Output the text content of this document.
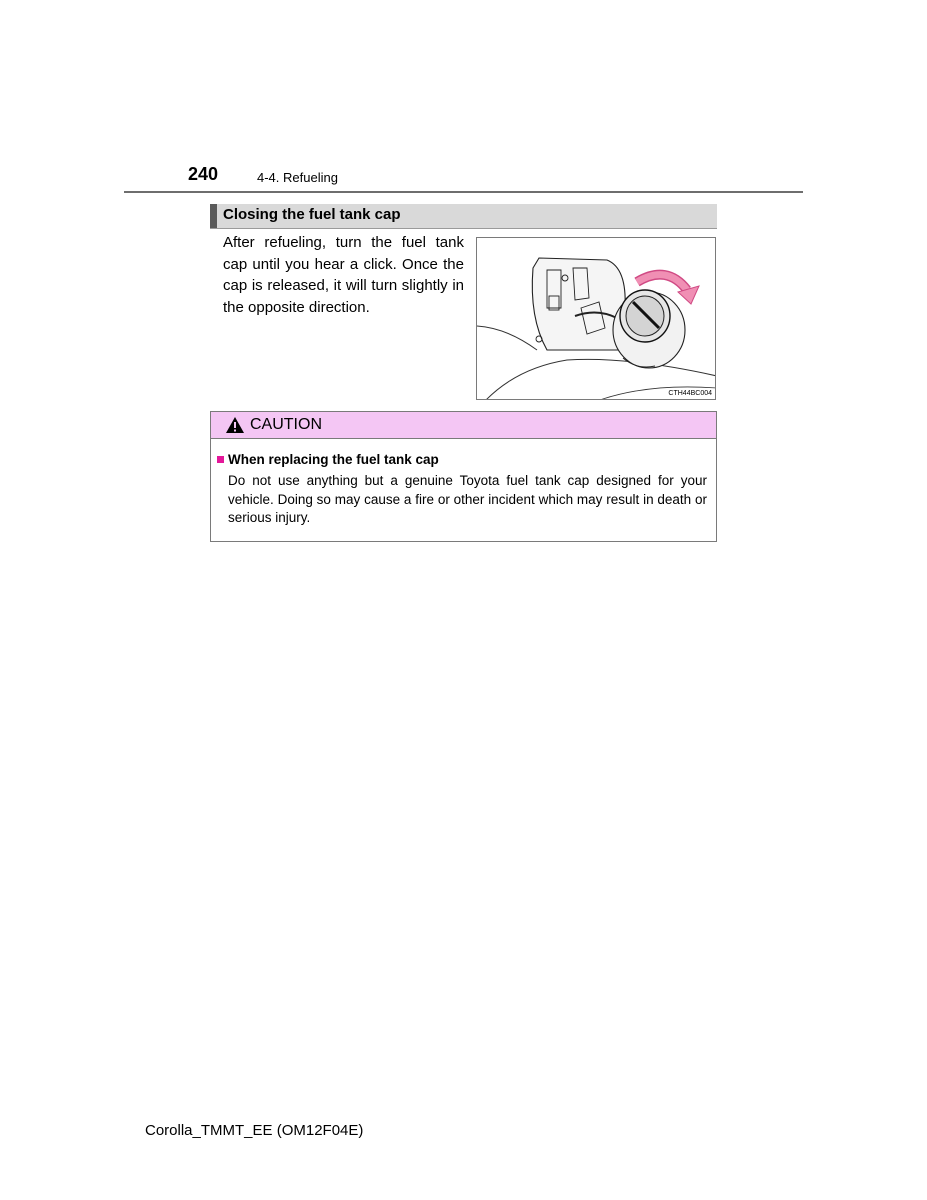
240	4-4. Refueling
Closing the fuel tank cap
After refueling, turn the fuel tank cap until you hear a click. Once the cap is released, it will turn slightly in the opposite direction.
CTH44BC004
CAUTION
When replacing the fuel tank cap
Do not use anything but a genuine Toyota fuel tank cap designed for your vehicle. Doing so may cause a fire or other incident which may result in death or serious injury.
Corolla_TMMT_EE (OM12F04E)
